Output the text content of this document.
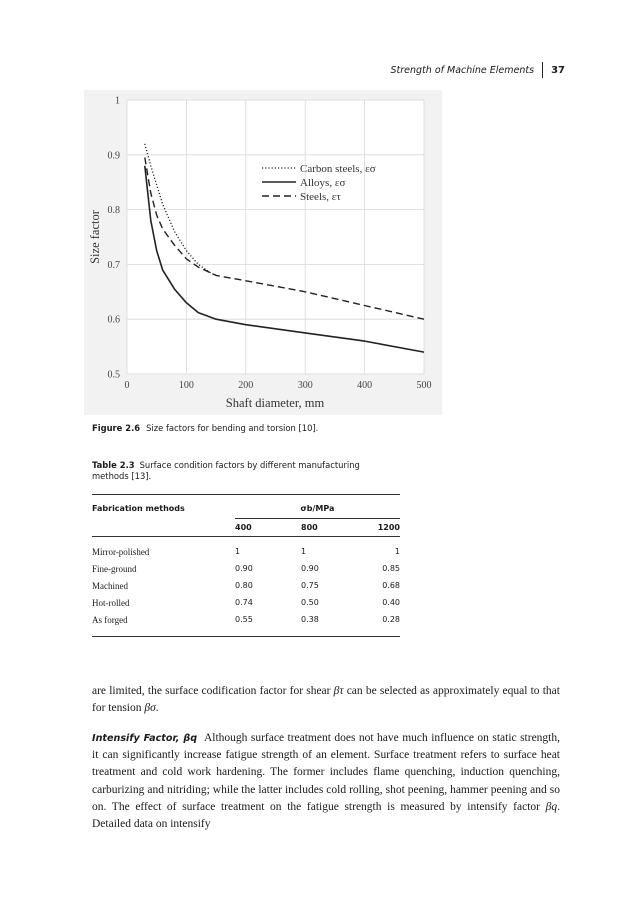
Strength of Machine Elements 37
0	100	200	300	400	500
0.5
0.6
0.7
0.8
0.9
1
Carbon steels, εσ
Alloys, εσ
Steels, ετ
Shaft diameter, mm
Size factor
Figure 2.6 Size factors for bending and torsion [10].
Table 2.3 Surface condition factors by different manufacturing methods [13].
Fabrication methods	σb/MPa
400	800	1200
Mirror-polished	1	1	1
Fine-ground	0.90	0.90	0.85
Machined	0.80	0.75	0.68
Hot-rolled	0.74	0.50	0.40
As forged	0.55	0.38	0.28
are limited, the surface codification factor for shear βτ can be selected as approximately equal to that for tension βσ.
Intensify Factor, βq Although surface treatment does not have much influence on static strength, it can significantly increase fatigue strength of an element. Surface treatment refers to surface heat treatment and cold work hardening. The former includes flame quenching, induction quenching, carburizing and nitriding; while the latter includes cold rolling, shot peening, hammer peening and so on. The effect of surface treatment on the fatigue strength is measured by intensify factor βq. Detailed data on intensify
